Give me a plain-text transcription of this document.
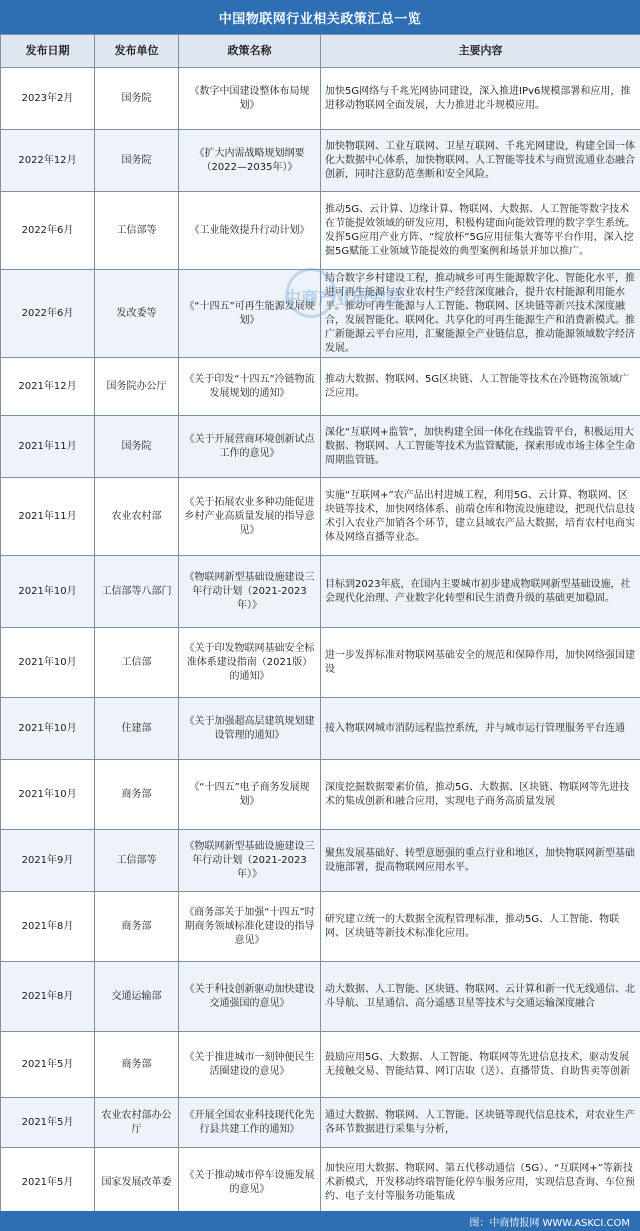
中国物联网行业相关政策汇总一览
发布日期	发布单位	政策名称	主要内容
2023年2月	国务院	《数字中国建设整体布局规划》	加快5G网络与千兆光网协同建设，深入推进IPv6规模部署和应用，推进移动物联网全面发展，大力推进北斗规模应用。
2022年12月	国务院	《扩大内需战略规划纲要（2022—2035年）》	加快物联网、工业互联网、卫星互联网、千兆光网建设，构建全国一体化大数据中心体系，加快物联网、人工智能等技术与商贸流通业态融合创新，同时注意防范垄断和安全风险。
2022年6月	工信部等	《工业能效提升行动计划》	推动5G、云计算、边缘计算、物联网、大数据、人工智能等数字技术在节能提效领域的研发应用，积极构建面向能效管理的数字孪生系统。发挥5G应用产业方阵、“绽放杯”5G应用征集大赛等平台作用，深入挖掘5G赋能工业领域节能提效的典型案例和场景并加以推广。
2022年6月	发改委等	《“十四五”可再生能源发展规划》	结合数字乡村建设工程，推动城乡可再生能源数字化、智能化水平，推进可再生能源与农业农村生产经营深度融合，提升农村能源利用能水平。推动可再生能源与人工智能、物联网、区块链等新兴技术深度融合，发展智能化、联网化、共享化的可再生能源生产和消费新模式。推广新能源云平台应用，汇聚能源全产业链信息，推动能源领域数字经济发展。
2021年12月	国务院办公厅	《关于印发“十四五”冷链物流发展规划的通知》	推动大数据、物联网、5G区块链、人工智能等技术在冷链物流领域广泛应用。
2021年11月	国务院	《关于开展营商环境创新试点工作的意见》	深化“互联网+监管”，加快构建全国一体化在线监管平台，积极运用大数据、物联网、人工智能等技术为监管赋能，探索形成市场主体全生命周期监管链。
2021年11月	农业农村部	《关于拓展农业多种功能促进乡村产业高质量发展的指导意见》	实施“互联网+”农产品出村进城工程，利用5G、云计算、物联网、区块链等技术，加快网络体系、前端仓库和物流设施建设，把现代信息技术引入农业产加销各个环节，建立县域农产品大数据，培育农村电商实体及网络直播等业态。
2021年10月	工信部等八部门	《物联网新型基础设施建设三年行动计划（2021-2023年）》	目标到2023年底，在国内主要城市初步建成物联网新型基础设施，社会现代化治理、产业数字化转型和民生消费升级的基础更加稳固。
2021年10月	工信部	《关于印发物联网基础安全标准体系建设指南（2021版）的通知》	进一步发挥标准对物联网基础安全的规范和保障作用，加快网络强国建设
2021年10月	住建部	《关于加强超高层建筑规划建设管理的通知》	接入物联网城市消防远程监控系统，并与城市运行管理服务平台连通
2021年10月	商务部	《“十四五”电子商务发展规划》	深度挖掘数据要素价值，推动5G、大数据、区块链、物联网等先进技术的集成创新和融合应用，实现电子商务高质量发展
2021年9月	工信部等	《物联网新型基础设施建设三年行动计划（2021-2023年）》	聚焦发展基础好、转型意愿强的重点行业和地区，加快物联网新型基础设施部署，提高物联网应用水平。
2021年8月	商务部	《商务部关于加强“十四五”时期商务领域标准化建设的指导意见》	研究建立统一的大数据全流程管理标准，推动5G、人工智能、物联网、区块链等新技术标准化应用。
2021年8月	交通运输部	《关于科技创新驱动加快建设交通强国的意见》	动大数据、人工智能、区块链、物联网、云计算和新一代无线通信、北斗导航、卫星通信、高分遥感卫星等技术与交通运输深度融合
2021年5月	商务部	《关于推进城市一刻钟便民生活圈建设的意见》	鼓励应用5G、大数据、人工智能、物联网等先进信息技术，驱动发展无接触交易、智能结算、网订店取（送）、直播带货、自助售卖等创新
2021年5月	农业农村部办公厅	《开展全国农业科技现代化先行县共建工作的通知》	通过大数据、物联网、人工智能、区块链等现代信息技术，对农业生产各环节数据进行采集与分析，
2021年5月	国家发展改革委	《关于推动城市停车设施发展的意见》	加快应用大数据、物联网、第五代移动通信（5G）、“互联网+”等新技术新模式，开发移动终端智能化停车服务应用，实现信息查询、车位预约、电子支付等服务功能集成
中商产业研究院
图：中商情报网 WWW.ASKCI.COM
